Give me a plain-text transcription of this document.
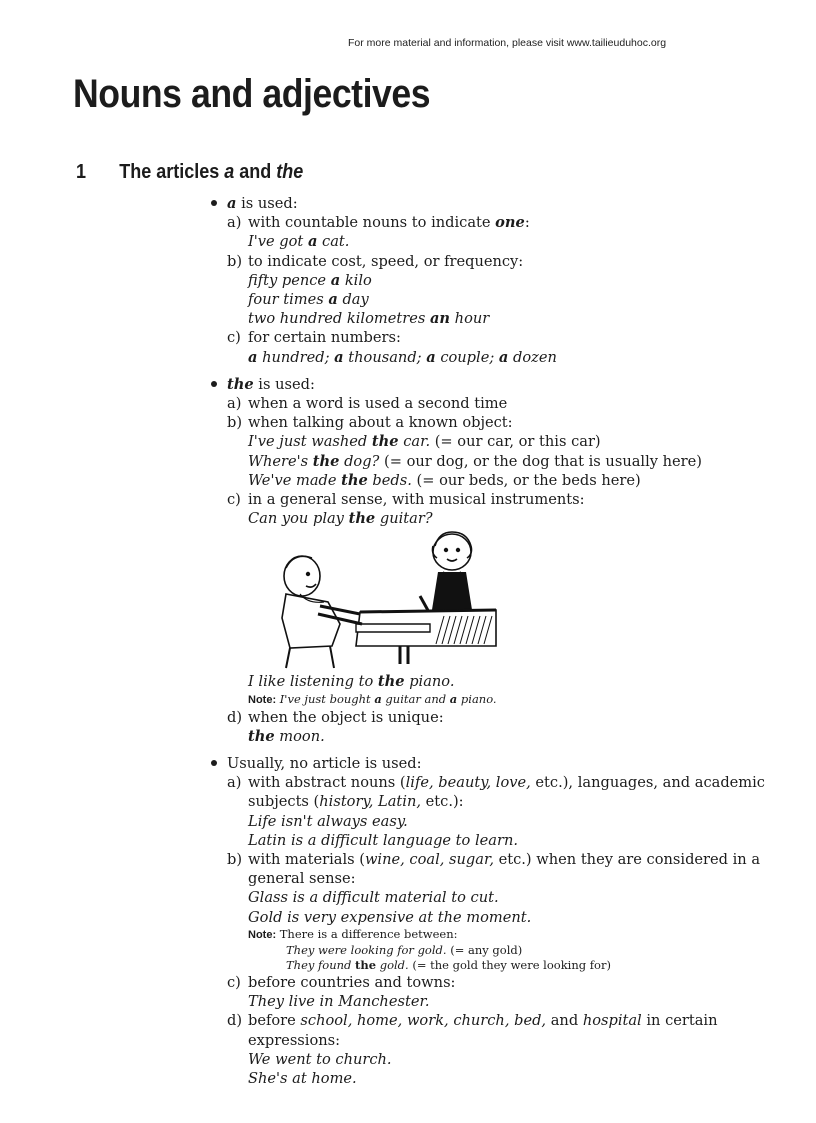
For more material and information, please visit www.tailieuduhoc.org
Nouns and adjectives
1 The articles a and the

a is used:

a) with countable nouns to indicate one:

I've got a cat.

b) to indicate cost, speed, or frequency:

fifty pence a kilo

four times a day

two hundred kilometres an hour

c) for certain numbers:

a hundred; a thousand; a couple; a dozen

the is used:

a) when a word is used a second time

b) when talking about a known object:

I've just washed the car. (= our car, or this car)

Where's the dog? (= our dog, or the dog that is usually here)

We've made the beds. (= our beds, or the beds here)

c) in a general sense, with musical instruments:

Can you play the guitar?

I like listening to the piano.

Note: I've just bought a guitar and a piano.

d) when the object is unique:

the moon.

Usually, no article is used:

a) with abstract nouns (life, beauty, love, etc.), languages, and academic

subjects (history, Latin, etc.):

Life isn't always easy.

Latin is a difficult language to learn.

b) with materials (wine, coal, sugar, etc.) when they are considered in a

general sense:

Glass is a difficult material to cut.

Gold is very expensive at the moment.

Note: There is a difference between:

They were looking for gold. (= any gold)

They found the gold. (= the gold they were looking for)

c) before countries and towns:

They live in Manchester.

d) before school, home, work, church, bed, and hospital in certain

expressions:

We went to church.

She's at home.
